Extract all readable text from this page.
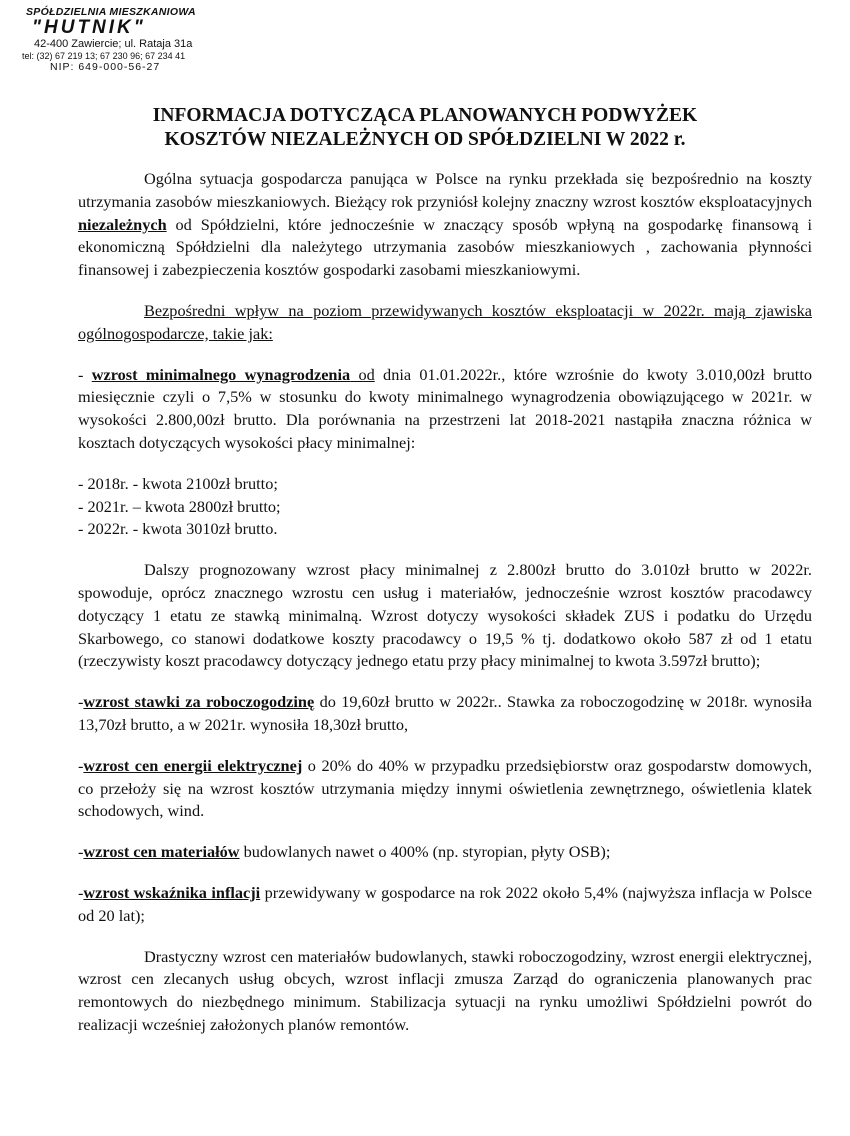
SPÓŁDZIELNIA MIESZKANIOWA
"HUTNIK"
42-400 Zawiercie; ul. Rataja 31a
tel: (32) 67 219 13; 67 230 96; 67 234 41
NIP: 649-000-56-27
INFORMACJA DOTYCZĄCA PLANOWANYCH PODWYŻEK
KOSZTÓW NIEZALEŻNYCH OD SPÓŁDZIELNI W 2022 r.

Ogólna sytuacja gospodarcza panująca w Polsce na rynku przekłada się bezpośrednio na koszty utrzymania zasobów mieszkaniowych. Bieżący rok przyniósł kolejny znaczny wzrost kosztów eksploatacyjnych niezależnych od Spółdzielni, które jednocześnie w znaczący sposób wpłyną na gospodarkę finansową i ekonomiczną Spółdzielni dla należytego utrzymania zasobów mieszkaniowych , zachowania płynności finansowej i zabezpieczenia kosztów gospodarki zasobami mieszkaniowymi.

Bezpośredni wpływ na poziom przewidywanych kosztów eksploatacji w 2022r. mają zjawiska ogólnogospodarcze, takie jak:

- wzrost minimalnego wynagrodzenia od dnia 01.01.2022r., które wzrośnie do kwoty 3.010,00zł brutto miesięcznie czyli o 7,5% w stosunku do kwoty minimalnego wynagrodzenia obowiązującego w 2021r. w wysokości 2.800,00zł brutto. Dla porównania na przestrzeni lat 2018-2021 nastąpiła znaczna różnica w kosztach dotyczących wysokości płacy minimalnej:

- 2018r. - kwota 2100zł brutto;
- 2021r. – kwota 2800zł brutto;
- 2022r. - kwota 3010zł brutto.

Dalszy prognozowany wzrost płacy minimalnej z 2.800zł brutto do 3.010zł brutto w 2022r. spowoduje, oprócz znacznego wzrostu cen usług i materiałów, jednocześnie wzrost kosztów pracodawcy dotyczący 1 etatu ze stawką minimalną. Wzrost dotyczy wysokości składek ZUS i podatku do Urzędu Skarbowego, co stanowi dodatkowe koszty pracodawcy o 19,5 % tj. dodatkowo około 587 zł od 1 etatu (rzeczywisty koszt pracodawcy dotyczący jednego etatu przy płacy minimalnej to kwota 3.597zł brutto);

-wzrost stawki za roboczogodzinę do 19,60zł brutto w 2022r.. Stawka za roboczogodzinę w 2018r. wynosiła 13,70zł brutto, a w 2021r. wynosiła 18,30zł brutto,

-wzrost cen energii elektrycznej o 20% do 40% w przypadku przedsiębiorstw oraz gospodarstw domowych, co przełoży się na wzrost kosztów utrzymania między innymi oświetlenia zewnętrznego, oświetlenia klatek schodowych, wind.

-wzrost cen materiałów budowlanych nawet o 400% (np. styropian, płyty OSB);

-wzrost wskaźnika inflacji przewidywany w gospodarce na rok 2022 około 5,4% (najwyższa inflacja w Polsce od 20 lat);

Drastyczny wzrost cen materiałów budowlanych, stawki roboczogodziny, wzrost energii elektrycznej, wzrost cen zlecanych usług obcych, wzrost inflacji zmusza Zarząd do ograniczenia planowanych prac remontowych do niezbędnego minimum. Stabilizacja sytuacji na rynku umożliwi Spółdzielni powrót do realizacji wcześniej założonych planów remontów.
